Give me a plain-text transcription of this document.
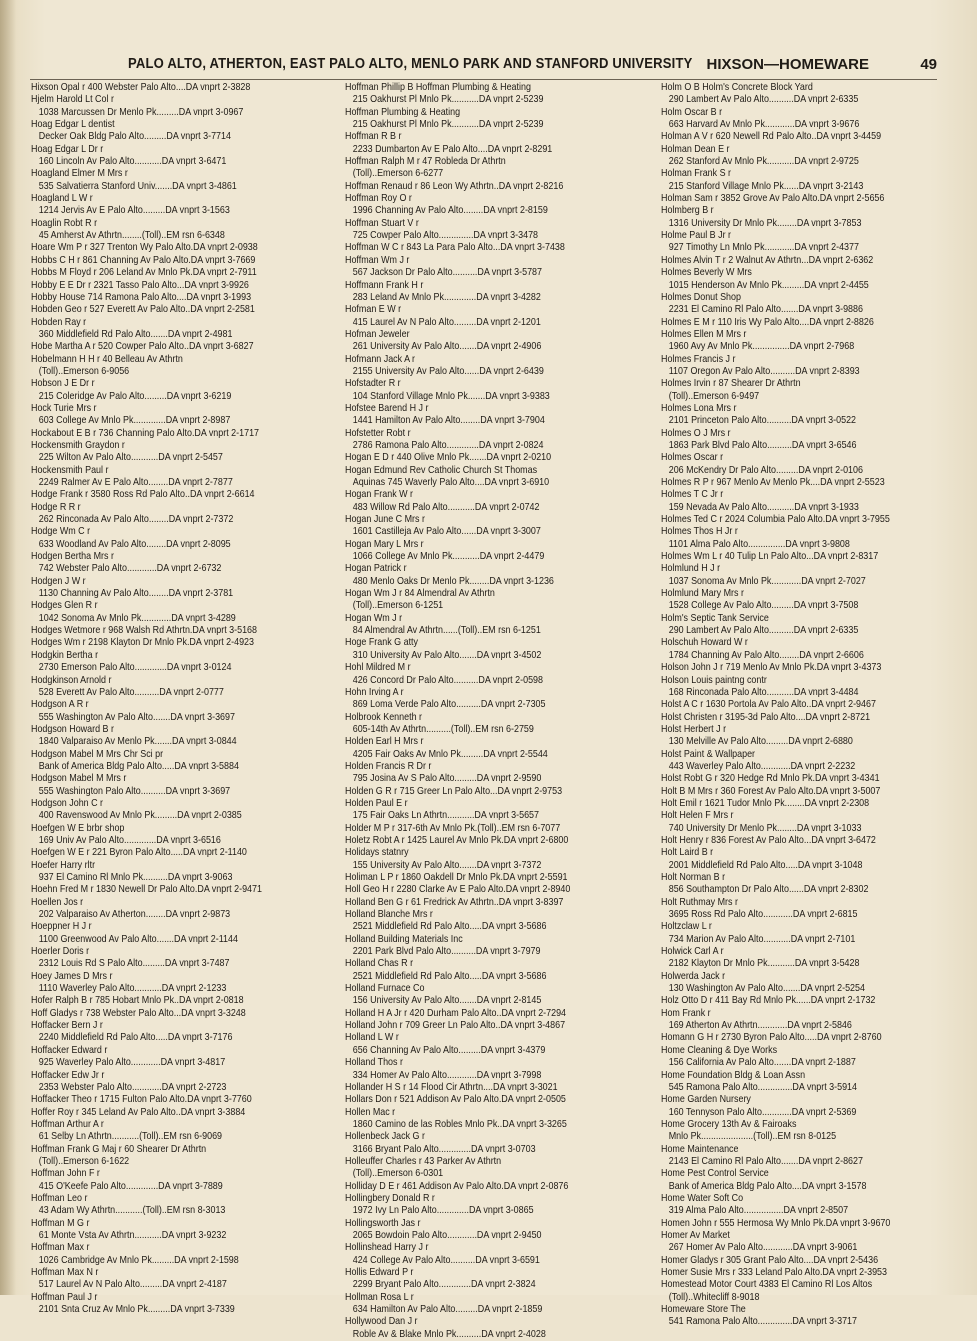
PALO ALTO, ATHERTON, EAST PALO ALTO, MENLO PARK AND STANFORD UNIVERSITY HIXSON—HOMEWARE	49
Hixson Opal r 400 Webster Palo Alto....DA vnprt 2-3828
Hjelm Harold Lt Col r
1038 Marcussen Dr Menlo Pk.........DA vnprt 3-0967
Hoag Edgar L dentist
Decker Oak Bldg Palo Alto.........DA vnprt 3-7714
Hoag Edgar L Dr r
160 Lincoln Av Palo Alto...........DA vnprt 3-6471
Hoagland Elmer M Mrs r
535 Salvatierra Stanford Univ.......DA vnprt 3-4861
Hoagland L W r
1214 Jervis Av E Palo Alto.........DA vnprt 3-1563
Hoaglin Robt R r
45 Amherst Av Athrtn........(Toll)..EM rsn 6-6348
Hoare Wm P r 327 Trenton Wy Palo Alto.DA vnprt 2-0938
Hobbs C H r 861 Channing Av Palo Alto.DA vnprt 3-7669
Hobbs M Floyd r 206 Leland Av Mnlo Pk.DA vnprt 2-7911
Hobby E E Dr r 2321 Tasso Palo Alto...DA vnprt 3-9926
Hobby House 714 Ramona Palo Alto....DA vnprt 3-1993
Hobden Geo r 527 Everett Av Palo Alto..DA vnprt 2-2581
Hobden Ray r
360 Middlefield Rd Palo Alto.......DA vnprt 2-4981
Hobe Martha A r 520 Cowper Palo Alto..DA vnprt 3-6827
Hobelmann H H r 40 Belleau Av Athrtn
(Toll)..Emerson 6-9056
Hobson J E Dr r
215 Coleridge Av Palo Alto.........DA vnprt 3-6219
Hock Turie Mrs r
603 College Av Mnlo Pk.............DA vnprt 2-8987
Hockabout E B r 736 Channing Palo Alto.DA vnprt 2-1717
Hockensmith Graydon r
225 Wilton Av Palo Alto...........DA vnprt 2-5457
Hockensmith Paul r
2249 Ralmer Av E Palo Alto........DA vnprt 2-7877
Hodge Frank r 3580 Ross Rd Palo Alto..DA vnprt 2-6614
Hodge R R r
262 Rinconada Av Palo Alto........DA vnprt 2-7372
Hodge Wm C r
633 Woodland Av Palo Alto........DA vnprt 2-8095
Hodgen Bertha Mrs r
742 Webster Palo Alto............DA vnprt 2-6732
Hodgen J W r
1130 Channing Av Palo Alto........DA vnprt 2-3781
Hodges Glen R r
1042 Sonoma Av Mnlo Pk............DA vnprt 3-4289
Hodges Wetmore r 968 Walsh Rd Athrtn.DA vnprt 3-5168
Hodges Wm r 2198 Klayton Dr Mnlo Pk.DA vnprt 2-4923
Hodgkin Bertha r
2730 Emerson Palo Alto.............DA vnprt 3-0124
Hodgkinson Arnold r
528 Everett Av Palo Alto..........DA vnprt 2-0777
Hodgson A R r
555 Washington Av Palo Alto.......DA vnprt 3-3697
Hodgson Howard B r
1840 Valparaiso Av Menlo Pk.......DA vnprt 3-0844
Hodgson Mabel M Mrs Chr Sci pr
Bank of America Bldg Palo Alto.....DA vnprt 3-5884
Hodgson Mabel M Mrs r
555 Washington Palo Alto..........DA vnprt 3-3697
Hodgson John C r
400 Ravenswood Av Mnlo Pk.........DA vnprt 2-0385
Hoefgen W E brbr shop
169 Univ Av Palo Alto.............DA vnprt 3-6516
Hoefgen W E r 221 Byron Palo Alto.....DA vnprt 2-1140
Hoefer Harry rltr
937 El Camino Rl Mnlo Pk..........DA vnprt 3-9063
Hoehn Fred M r 1830 Newell Dr Palo Alto.DA vnprt 2-9471
Hoellen Jos r
202 Valparaiso Av Atherton........DA vnprt 2-9873
Hoeppner H J r
1100 Greenwood Av Palo Alto.......DA vnprt 2-1144
Hoerler Doris r
2312 Louis Rd S Palo Alto.........DA vnprt 3-7487
Hoey James D Mrs r
1110 Waverley Palo Alto...........DA vnprt 2-1233
Hofer Ralph B r 785 Hobart Mnlo Pk..DA vnprt 2-0818
Hoff Gladys r 738 Webster Palo Alto...DA vnprt 3-3248
Hoffacker Bern J r
2240 Middlefield Rd Palo Alto.....DA vnprt 3-7176
Hoffacker Edward r
925 Waverley Palo Alto............DA vnprt 3-4817
Hoffacker Edw Jr r
2353 Webster Palo Alto............DA vnprt 2-2723
Hoffacker Theo r 1715 Fulton Palo Alto.DA vnprt 3-7760
Hoffer Roy r 345 Leland Av Palo Alto..DA vnprt 3-3884
Hoffman Arthur A r
61 Selby Ln Athrtn...........(Toll)..EM rsn 6-9069
Hoffman Frank G Maj r 60 Shearer Dr Athrtn
(Toll)..Emerson 6-1622
Hoffman John F r
415 O'Keefe Palo Alto.............DA vnprt 3-7889
Hoffman Leo r
43 Adam Wy Athrtn...........(Toll)..EM rsn 8-3013
Hoffman M G r
61 Monte Vsta Av Athrtn...........DA vnprt 3-9232
Hoffman Max r
1026 Cambridge Av Mnlo Pk.........DA vnprt 2-1598
Hoffman Max N r
517 Laurel Av N Palo Alto.........DA vnprt 2-4187
Hoffman Paul J r
2101 Snta Cruz Av Mnlo Pk.........DA vnprt 3-7339
Hoffman Phillip B Hoffman Plumbing & Heating
215 Oakhurst Pl Mnlo Pk...........DA vnprt 2-5239
Hoffman Plumbing & Heating
215 Oakhurst Pl Mnlo Pk...........DA vnprt 2-5239
Hoffman R B r
2233 Dumbarton Av E Palo Alto....DA vnprt 2-8291
Hoffman Ralph M r 47 Robleda Dr Athrtn
(Toll)..Emerson 6-6277
Hoffman Renaud r 86 Leon Wy Athrtn..DA vnprt 2-8216
Hoffman Roy O r
1996 Channing Av Palo Alto........DA vnprt 2-8159
Hoffman Stuart V r
725 Cowper Palo Alto..............DA vnprt 3-3478
Hoffman W C r 843 La Para Palo Alto...DA vnprt 3-7438
Hoffman Wm J r
567 Jackson Dr Palo Alto..........DA vnprt 3-5787
Hoffmann Frank H r
283 Leland Av Mnlo Pk.............DA vnprt 3-4282
Hofman E W r
415 Laurel Av N Palo Alto.........DA vnprt 2-1201
Hofman Jeweler
261 University Av Palo Alto.......DA vnprt 2-4906
Hofmann Jack A r
2155 University Av Palo Alto......DA vnprt 2-6439
Hofstadter R r
104 Stanford Village Mnlo Pk.......DA vnprt 3-9383
Hofstee Barend H J r
1441 Hamilton Av Palo Alto........DA vnprt 3-7904
Hofstetter Robt r
2786 Ramona Palo Alto.............DA vnprt 2-0824
Hogan E D r 440 Olive Mnlo Pk.......DA vnprt 2-0210
Hogan Edmund Rev Catholic Church St Thomas
Aquinas 745 Waverly Palo Alto....DA vnprt 3-6910
Hogan Frank W r
483 Willow Rd Palo Alto...........DA vnprt 2-0742
Hogan June C Mrs r
1601 Castilleja Av Palo Alto......DA vnprt 3-3007
Hogan Mary L Mrs r
1066 College Av Mnlo Pk...........DA vnprt 2-4479
Hogan Patrick r
480 Menlo Oaks Dr Menlo Pk........DA vnprt 3-1236
Hogan Wm J r 84 Almendral Av Athrtn
(Toll)..Emerson 6-1251
Hogan Wm J r
84 Almendral Av Athrtn......(Toll)..EM rsn 6-1251
Hoge Frank G atty
310 University Av Palo Alto.......DA vnprt 3-4502
Hohl Mildred M r
426 Concord Dr Palo Alto..........DA vnprt 2-0598
Hohn Irving A r
869 Loma Verde Palo Alto..........DA vnprt 2-7305
Holbrook Kenneth r
605-14th Av Athrtn..........(Toll)..EM rsn 6-2759
Holden Earl H Mrs r
4205 Fair Oaks Av Mnlo Pk.........DA vnprt 2-5544
Holden Francis R Dr r
795 Josina Av S Palo Alto.........DA vnprt 2-9590
Holden G R r 715 Greer Ln Palo Alto...DA vnprt 2-9753
Holden Paul E r
175 Fair Oaks Ln Athrtn...........DA vnprt 3-5657
Holder M P r 317-6th Av Mnlo Pk.(Toll)..EM rsn 6-7077
Holetz Robt A r 1425 Laurel Av Mnlo Pk.DA vnprt 2-6800
Holidays statnry
155 University Av Palo Alto.......DA vnprt 3-7372
Holiman L P r 1860 Oakdell Dr Mnlo Pk.DA vnprt 2-5591
Holl Geo H r 2280 Clarke Av E Palo Alto.DA vnprt 2-8940
Holland Ben G r 61 Fredrick Av Athrtn..DA vnprt 3-8397
Holland Blanche Mrs r
2521 Middlefield Rd Palo Alto.....DA vnprt 3-5686
Holland Building Materials Inc
2201 Park Blvd Palo Alto..........DA vnprt 3-7979
Holland Chas R r
2521 Middlefield Rd Palo Alto.....DA vnprt 3-5686
Holland Furnace Co
156 University Av Palo Alto.......DA vnprt 2-8145
Holland H A Jr r 420 Durham Palo Alto..DA vnprt 2-7294
Holland John r 709 Greer Ln Palo Alto..DA vnprt 3-4867
Holland L W r
656 Channing Av Palo Alto.........DA vnprt 3-4379
Holland Thos r
334 Homer Av Palo Alto............DA vnprt 3-7998
Hollander H S r 14 Flood Cir Athrtn....DA vnprt 3-3021
Hollars Don r 521 Addison Av Palo Alto.DA vnprt 2-0505
Hollen Mac r
1860 Camino de las Robles Mnlo Pk..DA vnprt 3-3265
Hollenbeck Jack G r
3166 Bryant Palo Alto.............DA vnprt 3-0703
Holleuffer Charles r 43 Parker Av Athrtn
(Toll)..Emerson 6-0301
Holliday D E r 461 Addison Av Palo Alto.DA vnprt 2-0876
Hollingbery Donald R r
1972 Ivy Ln Palo Alto.............DA vnprt 3-0865
Hollingsworth Jas r
2065 Bowdoin Palo Alto............DA vnprt 2-9450
Hollinshead Harry J r
424 College Av Palo Alto..........DA vnprt 3-6591
Hollis Edward P r
2299 Bryant Palo Alto.............DA vnprt 2-3824
Hollman Rosa L r
634 Hamilton Av Palo Alto.........DA vnprt 2-1859
Hollywood Dan J r
Roble Av & Blake Mnlo Pk..........DA vnprt 2-4028
Holm O B Holm's Concrete Block Yard
290 Lambert Av Palo Alto..........DA vnprt 2-6335
Holm Oscar B r
663 Harvard Av Mnlo Pk............DA vnprt 3-9676
Holman A V r 620 Newell Rd Palo Alto..DA vnprt 3-4459
Holman Dean E r
262 Stanford Av Mnlo Pk...........DA vnprt 2-9725
Holman Frank S r
215 Stanford Village Mnlo Pk......DA vnprt 3-2143
Holman Sam r 3852 Grove Av Palo Alto.DA vnprt 2-5656
Holmberg B r
1316 University Dr Mnlo Pk........DA vnprt 3-7853
Holme Paul B Jr r
927 Timothy Ln Mnlo Pk............DA vnprt 2-4377
Holmes Alvin T r 2 Walnut Av Athrtn...DA vnprt 2-6362
Holmes Beverly W Mrs
1015 Henderson Av Mnlo Pk.........DA vnprt 2-4455
Holmes Donut Shop
2231 El Camino Rl Palo Alto.......DA vnprt 3-9886
Holmes E M r 110 Iris Wy Palo Alto....DA vnprt 2-8826
Holmes Ellen M Mrs r
1960 Avy Av Mnlo Pk...............DA vnprt 2-7968
Holmes Francis J r
1107 Oregon Av Palo Alto..........DA vnprt 2-8393
Holmes Irvin r 87 Shearer Dr Athrtn
(Toll)..Emerson 6-9497
Holmes Lona Mrs r
2101 Princeton Palo Alto..........DA vnprt 3-0522
Holmes O J Mrs r
1863 Park Blvd Palo Alto..........DA vnprt 3-6546
Holmes Oscar r
206 McKendry Dr Palo Alto.........DA vnprt 2-0106
Holmes R P r 967 Menlo Av Menlo Pk....DA vnprt 2-5523
Holmes T C Jr r
159 Nevada Av Palo Alto...........DA vnprt 3-1933
Holmes Ted C r 2024 Columbia Palo Alto.DA vnprt 3-7955
Holmes Thos H Jr r
1101 Alma Palo Alto...............DA vnprt 3-9808
Holmes Wm L r 40 Tulip Ln Palo Alto...DA vnprt 2-8317
Holmlund H J r
1037 Sonoma Av Mnlo Pk............DA vnprt 2-7027
Holmlund Mary Mrs r
1528 College Av Palo Alto.........DA vnprt 3-7508
Holm's Septic Tank Service
290 Lambert Av Palo Alto..........DA vnprt 2-6335
Holschuh Howard W r
1784 Channing Av Palo Alto........DA vnprt 2-6606
Holson John J r 719 Menlo Av Mnlo Pk.DA vnprt 3-4373
Holson Louis paintng contr
168 Rinconada Palo Alto...........DA vnprt 3-4484
Holst A C r 1630 Portola Av Palo Alto..DA vnprt 2-9467
Holst Christen r 3195-3d Palo Alto....DA vnprt 2-8721
Holst Herbert J r
130 Melville Av Palo Alto.........DA vnprt 2-6880
Holst Paint & Wallpaper
443 Waverley Palo Alto............DA vnprt 2-2232
Holst Robt G r 320 Hedge Rd Mnlo Pk.DA vnprt 3-4341
Holt B M Mrs r 360 Forest Av Palo Alto.DA vnprt 3-5007
Holt Emil r 1621 Tudor Mnlo Pk........DA vnprt 2-2308
Holt Helen F Mrs r
740 University Dr Menlo Pk........DA vnprt 3-1033
Holt Henry r 836 Forest Av Palo Alto...DA vnprt 3-6472
Holt Laird B r
2001 Middlefield Rd Palo Alto.....DA vnprt 3-1048
Holt Norman B r
856 Southampton Dr Palo Alto......DA vnprt 2-8302
Holt Ruthmay Mrs r
3695 Ross Rd Palo Alto............DA vnprt 2-6815
Holtzclaw L r
734 Marion Av Palo Alto...........DA vnprt 2-7101
Holwick Carl A r
2182 Klayton Dr Mnlo Pk...........DA vnprt 3-5428
Holwerda Jack r
130 Washington Av Palo Alto.......DA vnprt 2-5254
Holz Otto D r 411 Bay Rd Mnlo Pk......DA vnprt 2-1732
Hom Frank r
169 Atherton Av Athrtn............DA vnprt 2-5846
Homann G H r 2730 Byron Palo Alto.....DA vnprt 2-8760
Home Cleaning & Dye Works
156 California Av Palo Alto.......DA vnprt 2-1887
Home Foundation Bldg & Loan Assn
545 Ramona Palo Alto..............DA vnprt 3-5914
Home Garden Nursery
160 Tennyson Palo Alto............DA vnprt 2-5369
Home Grocery 13th Av & Fairoaks
Mnlo Pk.....................(Toll)..EM rsn 8-0125
Home Maintenance
2143 El Camino Rl Palo Alto.......DA vnprt 2-8627
Home Pest Control Service
Bank of America Bldg Palo Alto....DA vnprt 3-1578
Home Water Soft Co
319 Alma Palo Alto................DA vnprt 2-8507
Homen John r 555 Hermosa Wy Mnlo Pk.DA vnprt 3-9670
Homer Av Market
267 Homer Av Palo Alto............DA vnprt 3-9061
Homer Gladys r 305 Grant Palo Alto....DA vnprt 2-5436
Homer Susie Mrs r 333 Leland Palo Alto.DA vnprt 2-3953
Homestead Motor Court 4383 El Camino Rl Los Altos
(Toll)..Whitecliff 8-9018
Homeware Store The
541 Ramona Palo Alto..............DA vnprt 3-3717
